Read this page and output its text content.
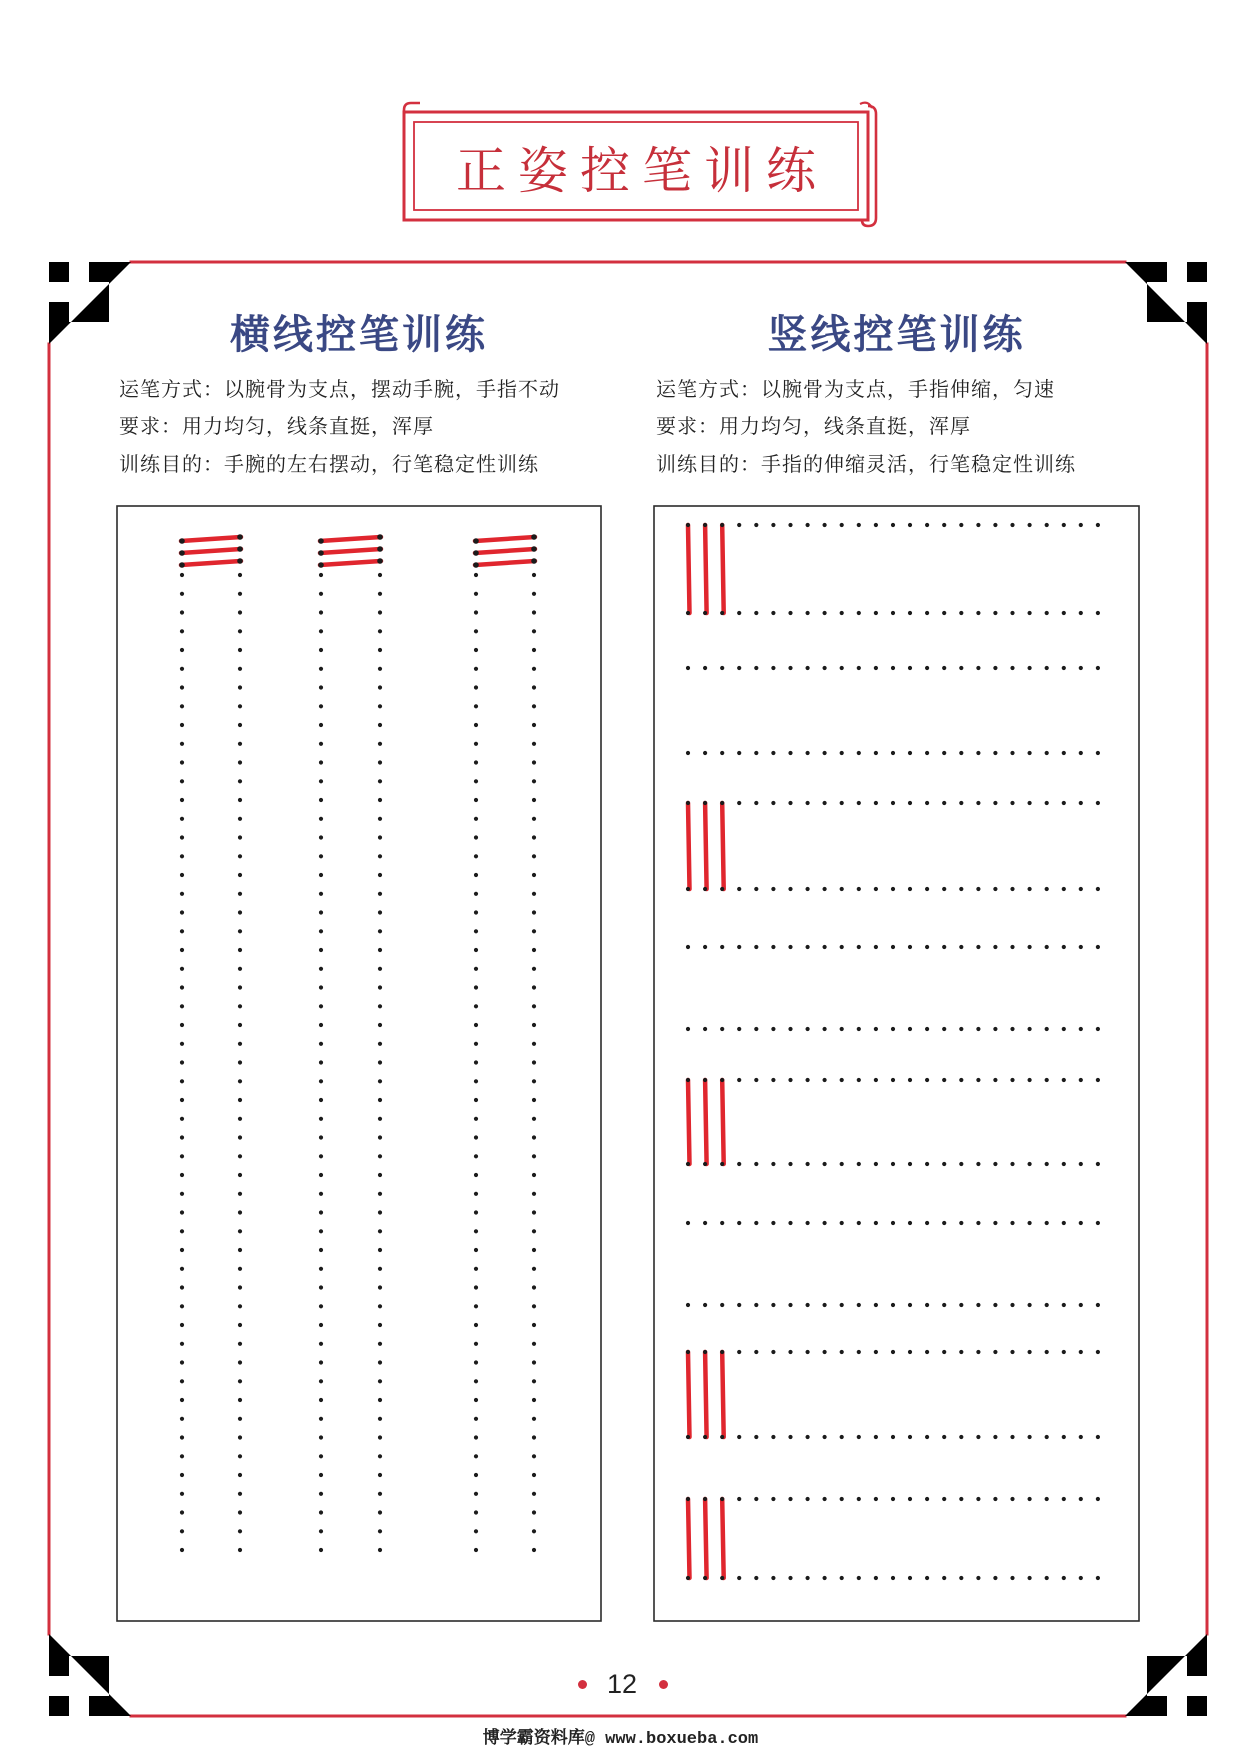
正姿控笔训练
横线控笔训练
运笔方式：以腕骨为支点，摆动手腕，手指不动
要求：用力均匀，线条直挺，浑厚
训练目的：手腕的左右摆动，行笔稳定性训练
竖线控笔训练
运笔方式：以腕骨为支点，手指伸缩，匀速
要求：用力均匀，线条直挺，浑厚
训练目的：手指的伸缩灵活，行笔稳定性训练
12
博学霸资料库@ www.boxueba.com
